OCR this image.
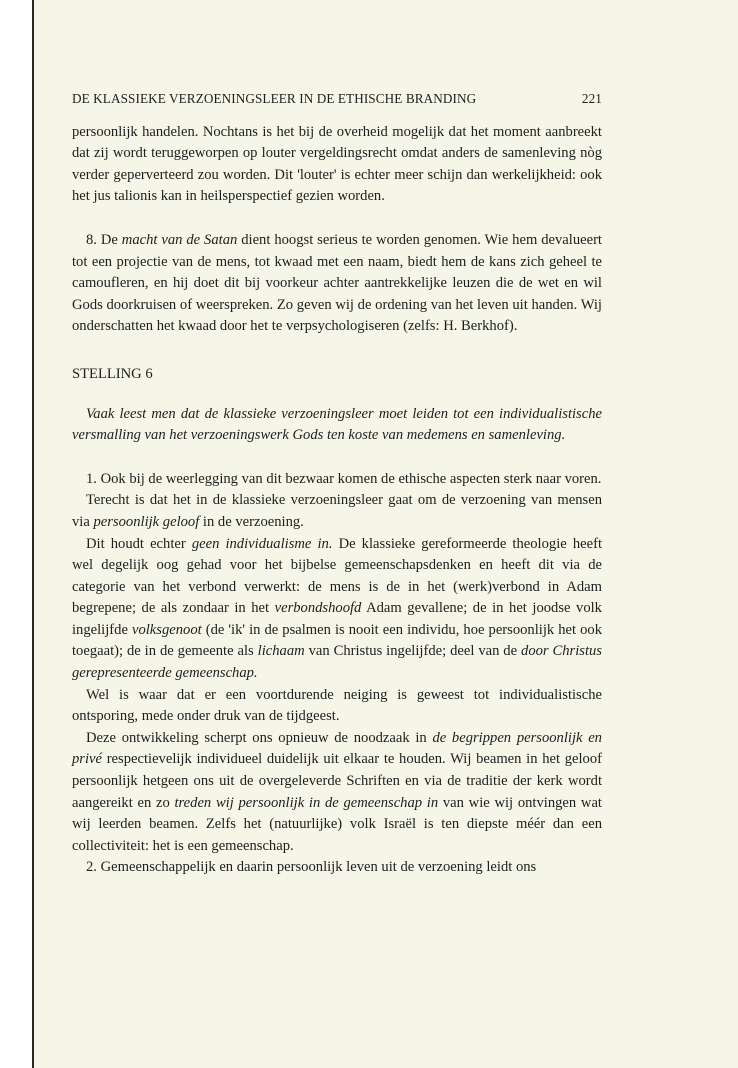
DE KLASSIEKE VERZOENINGSLEER IN DE ETHISCHE BRANDING	221

persoonlijk handelen. Nochtans is het bij de overheid mogelijk dat het moment aanbreekt dat zij wordt teruggeworpen op louter vergeldingsrecht omdat anders de samenleving nòg verder geperverteerd zou worden. Dit 'louter' is echter meer schijn dan werkelijkheid: ook het jus talionis kan in heilsperspectief gezien worden.

8. De macht van de Satan dient hoogst serieus te worden genomen. Wie hem devalueert tot een projectie van de mens, tot kwaad met een naam, biedt hem de kans zich geheel te camoufleren, en hij doet dit bij voorkeur achter aantrekkelijke leuzen die de wet en wil Gods doorkruisen of weerspreken. Zo geven wij de ordening van het leven uit handen. Wij onderschatten het kwaad door het te verpsychologiseren (zelfs: H. Berkhof).

STELLING 6

Vaak leest men dat de klassieke verzoeningsleer moet leiden tot een individualistische versmalling van het verzoeningswerk Gods ten koste van medemens en samenleving.

1. Ook bij de weerlegging van dit bezwaar komen de ethische aspecten sterk naar voren.

Terecht is dat het in de klassieke verzoeningsleer gaat om de verzoening van mensen via persoonlijk geloof in de verzoening.

Dit houdt echter geen individualisme in. De klassieke gereformeerde theologie heeft wel degelijk oog gehad voor het bijbelse gemeenschapsdenken en heeft dit via de categorie van het verbond verwerkt: de mens is de in het (werk)verbond in Adam begrepene; de als zondaar in het verbondshoofd Adam gevallene; de in het joodse volk ingelijfde volksgenoot (de 'ik' in de psalmen is nooit een individu, hoe persoonlijk het ook toegaat); de in de gemeente als lichaam van Christus ingelijfde; deel van de door Christus gerepresenteerde gemeenschap.

Wel is waar dat er een voortdurende neiging is geweest tot individualistische ontsporing, mede onder druk van de tijdgeest.

Deze ontwikkeling scherpt ons opnieuw de noodzaak in de begrippen persoonlijk en privé respectievelijk individueel duidelijk uit elkaar te houden. Wij beamen in het geloof persoonlijk hetgeen ons uit de overgeleverde Schriften en via de traditie der kerk wordt aangereikt en zo treden wij persoonlijk in de gemeenschap in van wie wij ontvingen wat wij leerden beamen. Zelfs het (natuurlijke) volk Israël is ten diepste méér dan een collectiviteit: het is een gemeenschap.

2. Gemeenschappelijk en daarin persoonlijk leven uit de verzoening leidt ons
